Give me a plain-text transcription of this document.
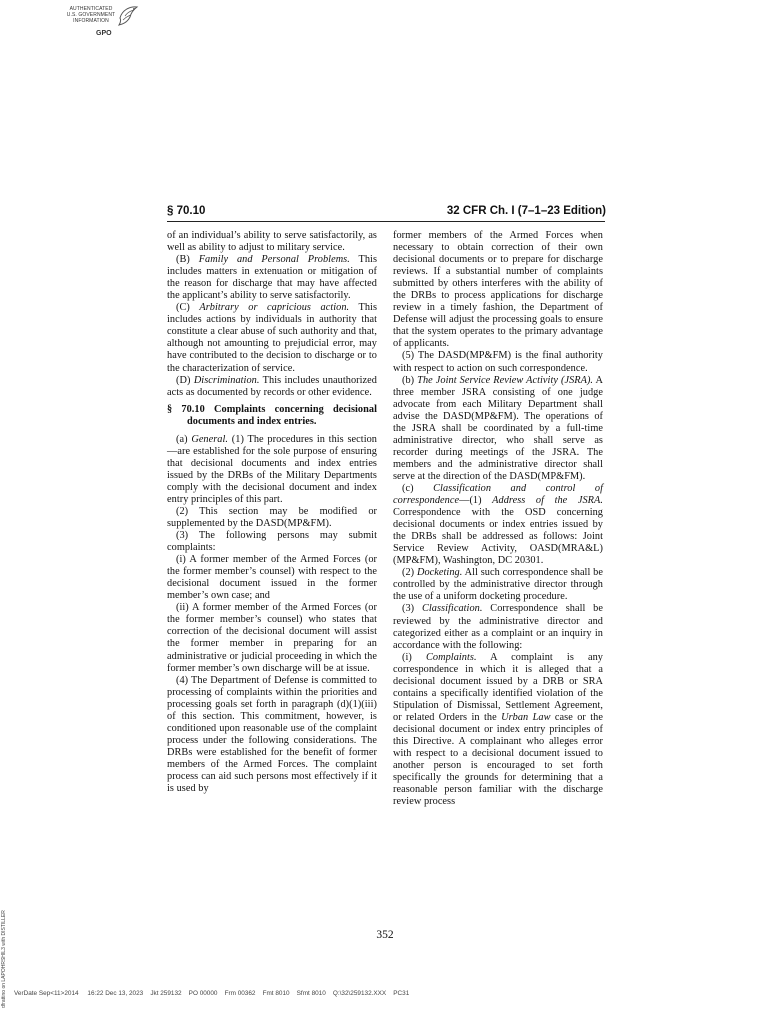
AUTHENTICATED
U.S. GOVERNMENT
INFORMATION
GPO
§ 70.10	32 CFR Ch. I (7–1–23 Edition)

of an individual’s ability to serve satisfactorily, as well as ability to adjust to military service.

(B) Family and Personal Problems. This includes matters in extenuation or mitigation of the reason for discharge that may have affected the applicant’s ability to serve satisfactorily.

(C) Arbitrary or capricious action. This includes actions by individuals in authority that constitute a clear abuse of such authority and that, although not amounting to prejudicial error, may have contributed to the decision to discharge or to the characterization of service.

(D) Discrimination. This includes unauthorized acts as documented by records or other evidence.

§ 70.10 Complaints concerning decisional documents and index entries.

(a) General. (1) The procedures in this section—are established for the sole purpose of ensuring that decisional documents and index entries issued by the DRBs of the Military Departments comply with the decisional document and index entry principles of this part.

(2) This section may be modified or supplemented by the DASD(MP&FM).

(3) The following persons may submit complaints:

(i) A former member of the Armed Forces (or the former member’s counsel) with respect to the decisional document issued in the former member’s own case; and

(ii) A former member of the Armed Forces (or the former member’s counsel) who states that correction of the decisional document will assist the former member in preparing for an administrative or judicial proceeding in which the former member’s own discharge will be at issue.

(4) The Department of Defense is committed to processing of complaints within the priorities and processing goals set forth in paragraph (d)(1)(iii) of this section. This commitment, however, is conditioned upon reasonable use of the complaint process under the following considerations. The DRBs were established for the benefit of former members of the Armed Forces. The complaint process can aid such persons most effectively if it is used by

former members of the Armed Forces when necessary to obtain correction of their own decisional documents or to prepare for discharge reviews. If a substantial number of complaints submitted by others interferes with the ability of the DRBs to process applications for discharge review in a timely fashion, the Department of Defense will adjust the processing goals to ensure that the system operates to the primary advantage of applicants.

(5) The DASD(MP&FM) is the final authority with respect to action on such correspondence.

(b) The Joint Service Review Activity (JSRA). A three member JSRA consisting of one judge advocate from each Military Department shall advise the DASD(MP&FM). The operations of the JSRA shall be coordinated by a full-time administrative director, who shall serve as recorder during meetings of the JSRA. The members and the administrative director shall serve at the direction of the DASD(MP&FM).

(c) Classification and control of correspondence—(1) Address of the JSRA. Correspondence with the OSD concerning decisional documents or index entries issued by the DRBs shall be addressed as follows: Joint Service Review Activity, OASD(MRA&L) (MP&FM), Washington, DC 20301.

(2) Docketing. All such correspondence shall be controlled by the administrative director through the use of a uniform docketing procedure.

(3) Classification. Correspondence shall be reviewed by the administrative director and categorized either as a complaint or an inquiry in accordance with the following:

(i) Complaints. A complaint is any correspondence in which it is alleged that a decisional document issued by a DRB or SRA contains a specifically identified violation of the Stipulation of Dismissal, Settlement Agreement, or related Orders in the Urban Law case or the decisional document or index entry principles of this Directive. A complainant who alleges error with respect to a decisional document issued to another person is encouraged to set forth specifically the grounds for determining that a reasonable person familiar with the discharge review process

352
dfrattino on LAPOHRSHIL3 with DISTILLER VerDate Sep<11>2014     16:22 Dec 13, 2023    Jkt 259132    PO 00000    Frm 00362    Fmt 8010    Sfmt 8010    Q:\32\259132.XXX    PC31
